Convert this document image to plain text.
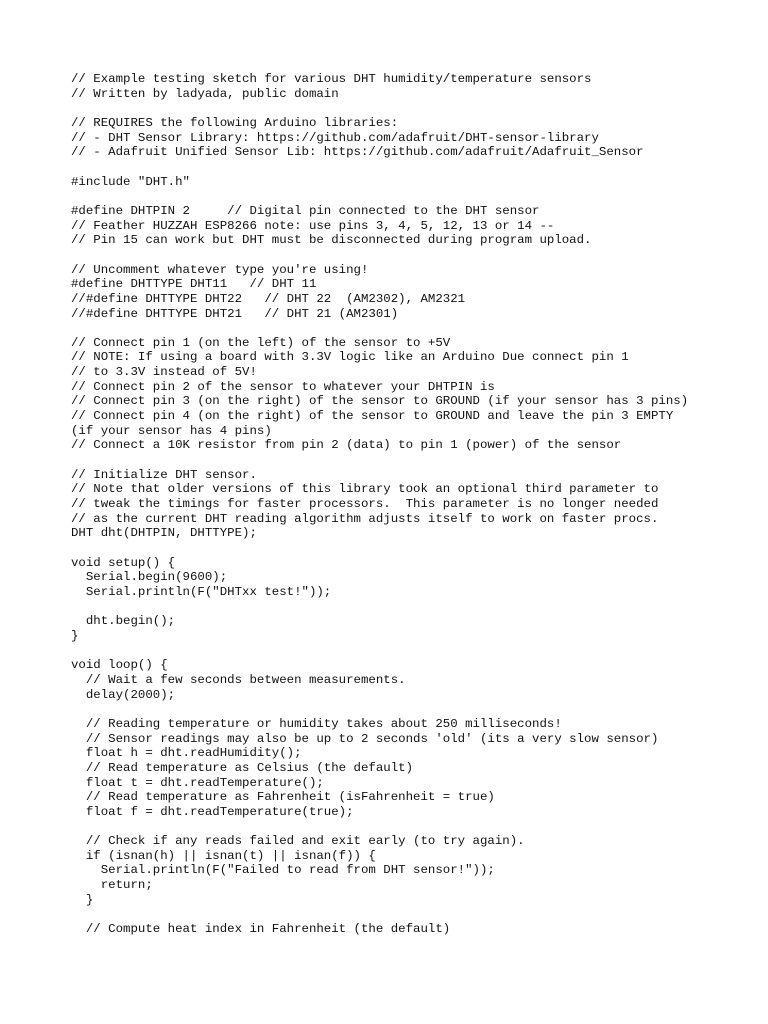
// Example testing sketch for various DHT humidity/temperature sensors
// Written by ladyada, public domain
// REQUIRES the following Arduino libraries:
// - DHT Sensor Library: https://github.com/adafruit/DHT-sensor-library
// - Adafruit Unified Sensor Lib: https://github.com/adafruit/Adafruit_Sensor
#include "DHT.h"
#define DHTPIN 2     // Digital pin connected to the DHT sensor
// Feather HUZZAH ESP8266 note: use pins 3, 4, 5, 12, 13 or 14 --
// Pin 15 can work but DHT must be disconnected during program upload.
// Uncomment whatever type you're using!
#define DHTTYPE DHT11   // DHT 11
//#define DHTTYPE DHT22   // DHT 22  (AM2302), AM2321
//#define DHTTYPE DHT21   // DHT 21 (AM2301)
// Connect pin 1 (on the left) of the sensor to +5V
// NOTE: If using a board with 3.3V logic like an Arduino Due connect pin 1
// to 3.3V instead of 5V!
// Connect pin 2 of the sensor to whatever your DHTPIN is
// Connect pin 3 (on the right) of the sensor to GROUND (if your sensor has 3 pins)
// Connect pin 4 (on the right) of the sensor to GROUND and leave the pin 3 EMPTY
(if your sensor has 4 pins)
// Connect a 10K resistor from pin 2 (data) to pin 1 (power) of the sensor
// Initialize DHT sensor.
// Note that older versions of this library took an optional third parameter to
// tweak the timings for faster processors.  This parameter is no longer needed
// as the current DHT reading algorithm adjusts itself to work on faster procs.
DHT dht(DHTPIN, DHTTYPE);
void setup() {
Serial.begin(9600);
Serial.println(F("DHTxx test!"));
dht.begin();
}
void loop() {
// Wait a few seconds between measurements.
delay(2000);
// Reading temperature or humidity takes about 250 milliseconds!
// Sensor readings may also be up to 2 seconds 'old' (its a very slow sensor)
float h = dht.readHumidity();
// Read temperature as Celsius (the default)
float t = dht.readTemperature();
// Read temperature as Fahrenheit (isFahrenheit = true)
float f = dht.readTemperature(true);
// Check if any reads failed and exit early (to try again).
if (isnan(h) || isnan(t) || isnan(f)) {
Serial.println(F("Failed to read from DHT sensor!"));
return;
}
// Compute heat index in Fahrenheit (the default)
